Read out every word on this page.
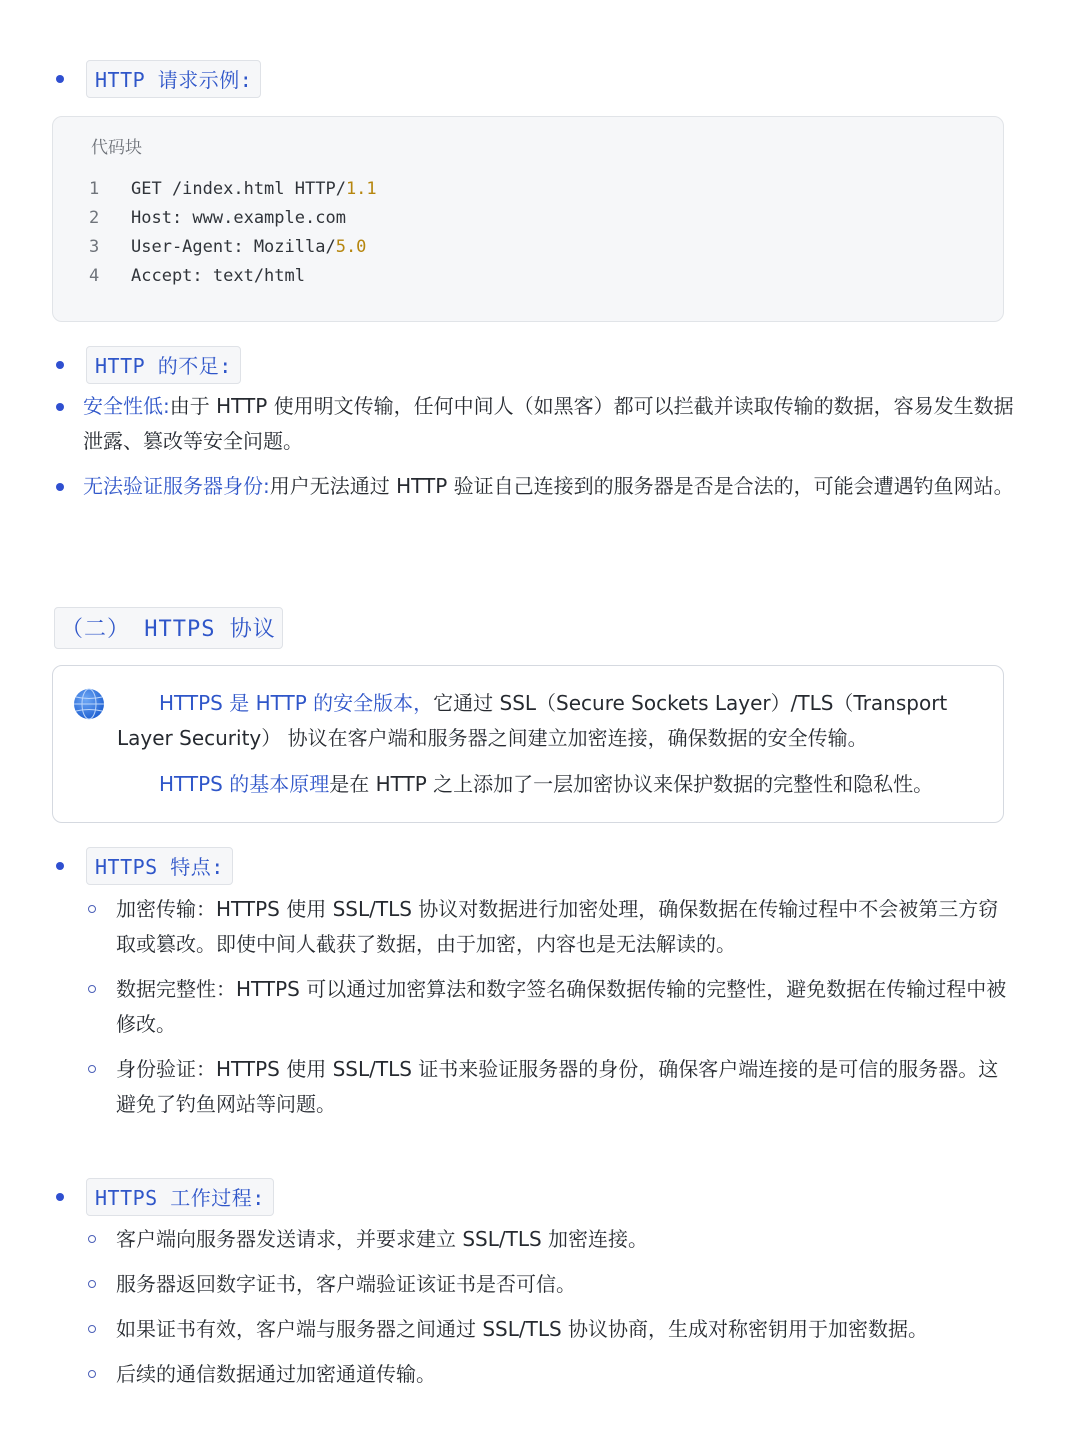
HTTP 请求示例:
代码块
1	GET /index.html HTTP/ 1.1
2	Host: www.example.com
3	User-Agent: Mozilla/ 5.0
4	Accept: text/html
HTTP 的不足:
安全性低:由于 HTTP 使用明文传输，任何中间人（如黑客）都可以拦截并读取传输的数据，容易发生数据泄露、篡改等安全问题。
无法验证服务器身份:用户无法通过 HTTP 验证自己连接到的服务器是否是合法的，可能会遭遇钓鱼网站。
（二） HTTPS 协议
HTTPS 是 HTTP 的安全版本，它通过 SSL（Secure Sockets Layer）/TLS（Transport Layer Security） 协议在客户端和服务器之间建立加密连接，确保数据的安全传输。
HTTPS 的基本原理是在 HTTP 之上添加了一层加密协议来保护数据的完整性和隐私性。
HTTPS 特点:
加密传输：HTTPS 使用 SSL/TLS 协议对数据进行加密处理，确保数据在传输过程中不会被第三方窃取或篡改。即使中间人截获了数据，由于加密，内容也是无法解读的。
数据完整性：HTTPS 可以通过加密算法和数字签名确保数据传输的完整性，避免数据在传输过程中被修改。
身份验证：HTTPS 使用 SSL/TLS 证书来验证服务器的身份，确保客户端连接的是可信的服务器。这避免了钓鱼网站等问题。
HTTPS 工作过程:
客户端向服务器发送请求，并要求建立 SSL/TLS 加密连接。
服务器返回数字证书，客户端验证该证书是否可信。
如果证书有效，客户端与服务器之间通过 SSL/TLS 协议协商，生成对称密钥用于加密数据。
后续的通信数据通过加密通道传输。
